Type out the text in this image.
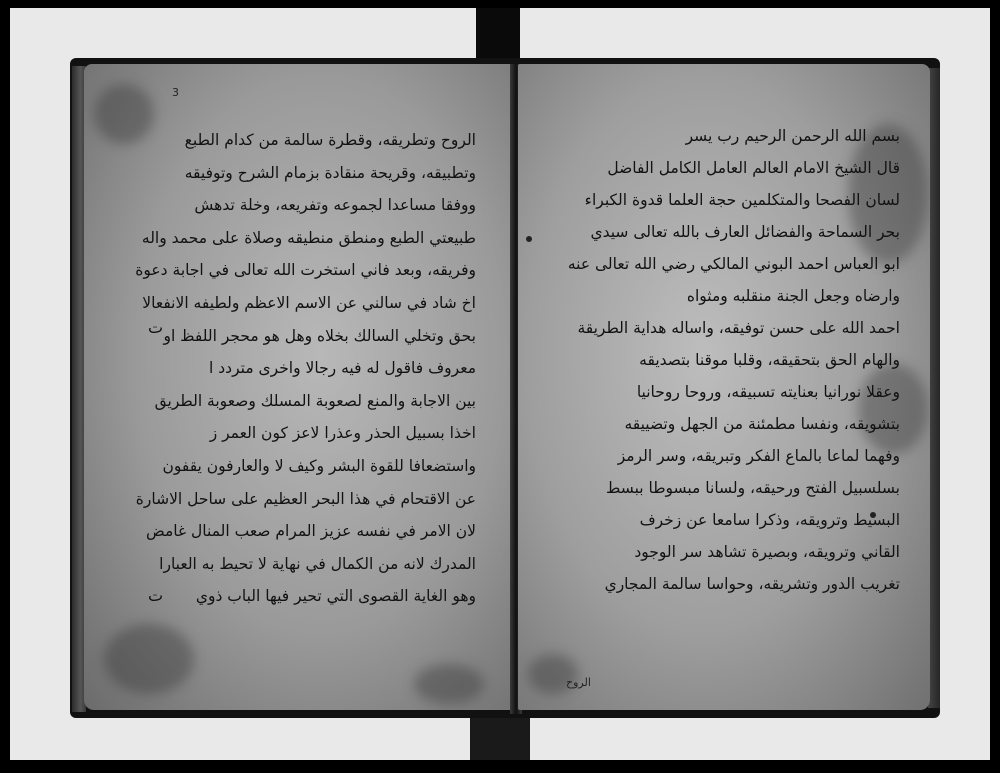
3
الروح وتطريقه، وقطرة سالمة من كدام الطبع
وتطبيقه، وقريحة منقادة بزمام الشرح وتوفيقه
ووفقا مساعدا لجموعه وتفريعه، وخلة تدهش
طبيعتي الطبع ومنطق منطيقه وصلاة على محمد واله
وفريقه، وبعد فاني استخرت الله تعالى في اجابة دعوة
اخ شاد في سالني عن الاسم الاعظم ولطيفه الانفعالا
بحق وتخلي السالك بخلاه وهل هو محجر اللفظ او
معروف فاقول له فيه رجالا واخرى متردد ا
بين الاجابة والمنع لصعوبة المسلك وصعوبة الطريق
اخذا بسبيل الحذر وعذرا لاعز كون العمر ز
واستضعافا للقوة البشر وكيف لا والعارفون يقفون
عن الاقتحام في هذا البحر العظيم على ساحل الاشارة
لان الامر في نفسه عزيز المرام صعب المنال غامض
المدرك لانه من الكمال في نهاية لا تحيط به العبارا
وهو الغاية القصوى التي تحير فيها الباب ذوي
ت
ت
بسم الله الرحمن الرحيم رب يسر
قال الشيخ الامام العالم العامل الكامل الفاضل
لسان الفصحا والمتكلمين حجة العلما قدوة الكبراء
بحر السماحة والفضائل العارف بالله تعالى سيدي
ابو العباس احمد البوني المالكي رضي الله تعالى عنه
وارضاه وجعل الجنة منقلبه ومثواه
احمد الله على حسن توفيقه، واساله هداية الطريقة
والهام الحق بتحقيقه، وقلبا موقنا بتصديقه
وعقلا نورانيا بعنايته تسبيقه، وروحا روحانيا
بتشويقه، ونفسا مطمئنة من الجهل وتضييقه
وفهما لماعا بالماع الفكر وتبريقه، وسر الرمز
بسلسبيل الفتح ورحيقه، ولسانا مبسوطا ببسط
البسيط وترويقه، وذكرا سامعا عن زخرف
القاني وترويقه، وبصيرة تشاهد سر الوجود
تغريب الدور وتشريقه، وحواسا سالمة المجاري
الروح
